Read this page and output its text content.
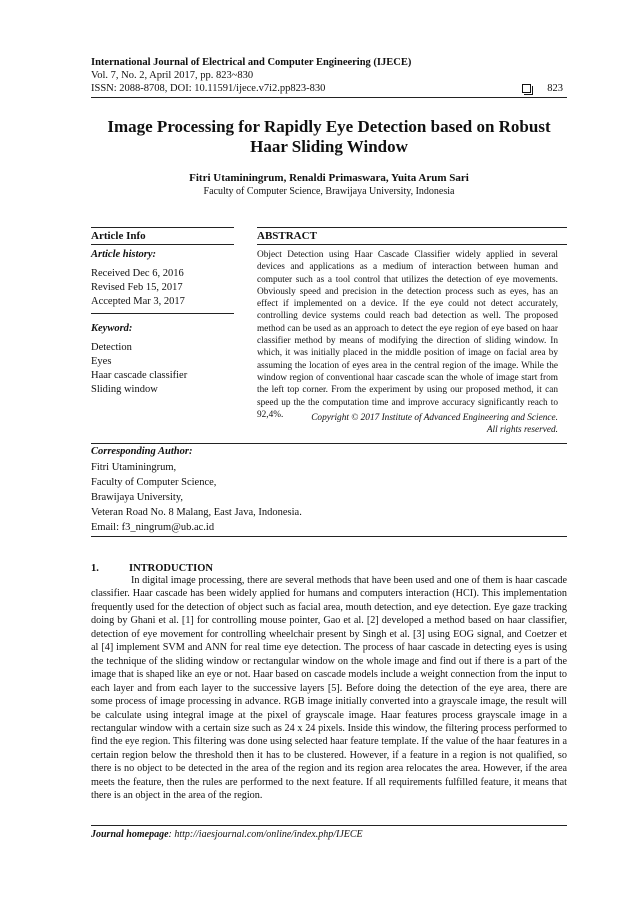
International Journal of Electrical and Computer Engineering (IJECE)
Vol. 7, No. 2, April 2017, pp. 823~830
ISSN: 2088-8708, DOI: 10.11591/ijece.v7i2.pp823-830	823
Image Processing for Rapidly Eye Detection based on Robust Haar Sliding Window
Fitri Utaminingrum, Renaldi Primaswara, Yuita Arum Sari
Faculty of Computer Science, Brawijaya University, Indonesia
Article Info	ABSTRACT
Article history:
Received Dec 6, 2016
Revised Feb 15, 2017
Accepted Mar 3, 2017
Keyword:
Detection
Eyes
Haar cascade classifier
Sliding window
Object Detection using Haar Cascade Classifier widely applied in several devices and applications as a medium of interaction between human and computer such as a tool control that utilizes the detection of eye movements. Obviously speed and precision in the detection process such as eyes, has an effect if implemented on a device. If the eye could not detect accurately, controlling device systems could reach bad detection as well. The proposed method can be used as an approach to detect the eye region of eye based on haar classifier method by means of modifying the direction of sliding window. In which, it was initially placed in the middle position of image on facial area by assuming the location of eyes area in the central region of the image. While the window region of conventional haar cascade scan the whole of image start from the left top corner. From the experiment by using our proposed method, it can speed up the the computation time and improve accuracy significantly reach to 92,4%.	Copyright © 2017 Institute of Advanced Engineering and Science.
All rights reserved.
Corresponding Author:
Fitri Utaminingrum,
Faculty of Computer Science,
Brawijaya University,
Veteran Road No. 8 Malang, East Java, Indonesia.
Email: f3_ningrum@ub.ac.id
1.	INTRODUCTION
In digital image processing, there are several methods that have been used and one of them is haar cascade classifier. Haar cascade has been widely applied for humans and computers interaction (HCI). This implementation frequently used for the detection of object such as facial area, mouth detection, and eye detection. Eye gaze tracking doing by Ghani et al. [1] for controlling mouse pointer, Gao et al. [2] developed a method based on haar classifier, detection of eye movement for controlling wheelchair present by Singh et al. [3] using EOG signal, and Coetzer et al [4] implement SVM and ANN for real time eye detection. The process of haar cascade in detecting eyes is using the technique of the sliding window or rectangular window on the whole image and find out if there is a part of the image that is shaped like an eye or not. Haar based on cascade models include a weight connection from the input to each layer and from each layer to the successive layers [5]. Before doing the detection of the eye area, there are some process of image processing in advance. RGB image initially converted into a grayscale image, the result will be calculate using integral image at the pixel of grayscale image. Haar features process grayscale image in a rectangular window with a certain size such as 24 x 24 pixels. Inside this window, the filtering process performed to find the eye region. This filtering was done using selected haar feature template. If the value of the haar features in a certain region below the threshold then it has to be clustered. However, if a feature in a region is not qualified, so there is no object to be detected in the area of the region and its region area relocates the area. However, if the area meets the feature, then the rules are performed to the next feature. If all requirements fulfilled feature, it means that there is an object in the area of the region.
Journal homepage: http://iaesjournal.com/online/index.php/IJECE
